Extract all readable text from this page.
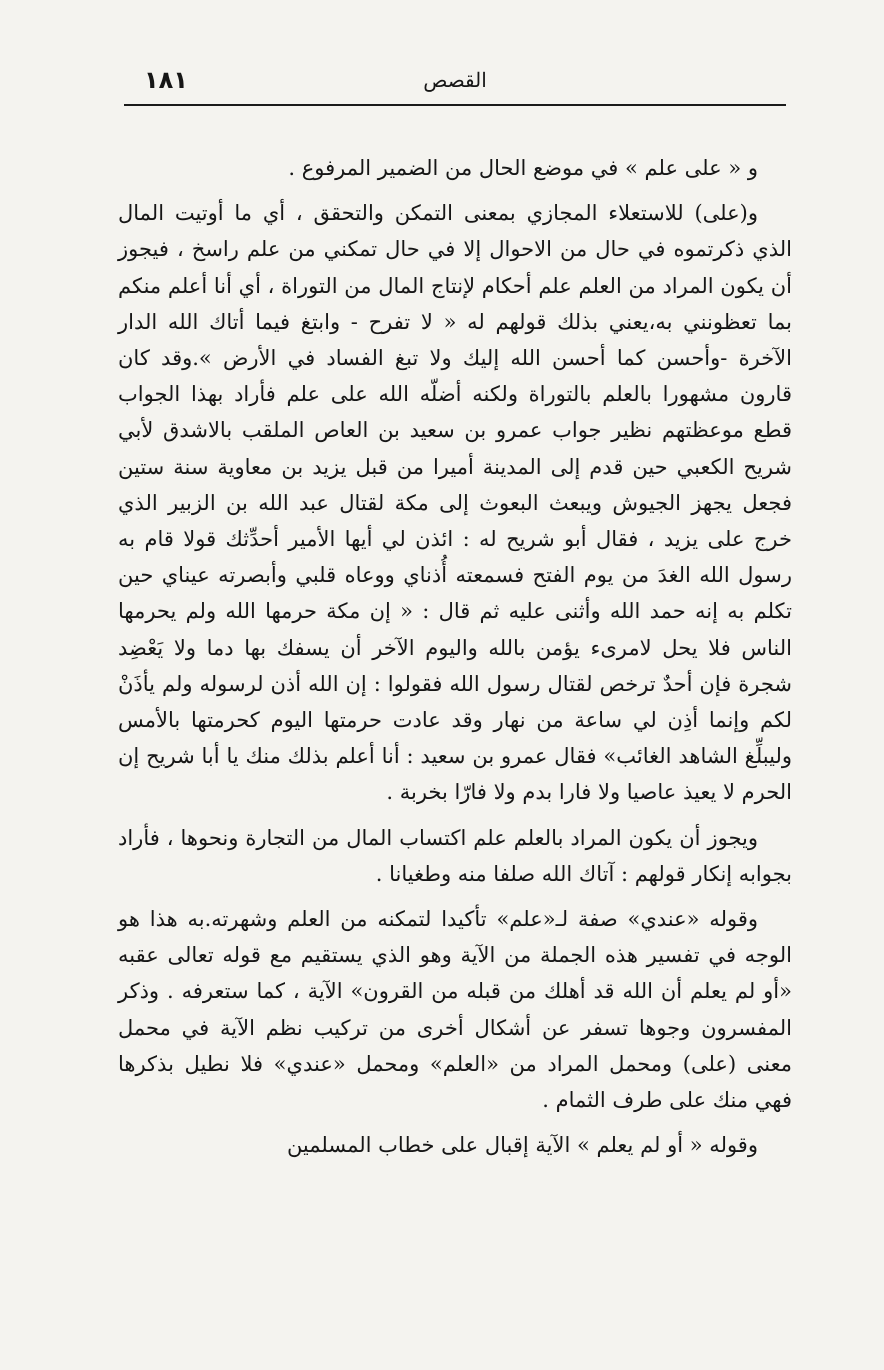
١٨١	القصص

و « على علم » في موضع الحال من الضمير المرفوع .

و(على) للاستعلاء المجازي بمعنى التمكن والتحقق ، أي ما أوتيت المال الذي ذكرتموه في حال من الاحوال إلا في حال تمكني من علم راسخ ، فيجوز أن يكون المراد من العلم علم أحكام لإنتاج المال من التوراة ، أي أنا أعلم منكم بما تعظونني به،يعني بذلك قولهم له « لا تفرح - وابتغ فيما أتاك الله الدار الآخرة -وأحسن كما أحسن الله إليك ولا تبغ الفساد في الأرض ».وقد كان قارون مشهورا بالعلم بالتوراة ولكنه أضلّه الله على علم فأراد بهذا الجواب قطع موعظتهم نظير جواب عمرو بن سعيد بن العاص الملقب بالاشدق لأبي شريح الكعبي حين قدم إلى المدينة أميرا من قبل يزيد بن معاوية سنة ستين فجعل يجهز الجيوش ويبعث البعوث إلى مكة لقتال عبد الله بن الزبير الذي خرج على يزيد ، فقال أبو شريح له : ائذن لي أيها الأمير أحدِّثك قولا قام به رسول الله الغدَ من يوم الفتح فسمعته أُذناي ووعاه قلبي وأبصرته عيناي حين تكلم به إنه حمد الله وأثنى عليه ثم قال : « إن مكة حرمها الله ولم يحرمها الناس فلا يحل لامرىء يؤمن بالله واليوم الآخر أن يسفك بها دما ولا يَعْضِد شجرة فإن أحدٌ ترخص لقتال رسول الله فقولوا : إن الله أذن لرسوله ولم يأذَنْ لكم وإنما أذِن لي ساعة من نهار وقد عادت حرمتها اليوم كحرمتها بالأمس وليبلِّغ الشاهد الغائب» فقال عمرو بن سعيد : أنا أعلم بذلك منك يا أبا شريح إن الحرم لا يعيذ عاصيا ولا فارا بدم ولا فارّا بخربة .

ويجوز أن يكون المراد بالعلم علم اكتساب المال من التجارة ونحوها ، فأراد بجوابه إنكار قولهم : آتاك الله صلفا منه وطغيانا .

وقوله «عندي» صفة لـ«علم» تأكيدا لتمكنه من العلم وشهرته.به هذا هو الوجه في تفسير هذه الجملة من الآية وهو الذي يستقيم مع قوله تعالى عقبه «أو لم يعلم أن الله قد أهلك من قبله من القرون» الآية ، كما ستعرفه . وذكر المفسرون وجوها تسفر عن أشكال أخرى من تركيب نظم الآية في محمل معنى (على) ومحمل المراد من «العلم» ومحمل «عندي» فلا نطيل بذكرها فهي منك على طرف الثمام .

وقوله « أو لم يعلم » الآية إقبال على خطاب المسلمين
